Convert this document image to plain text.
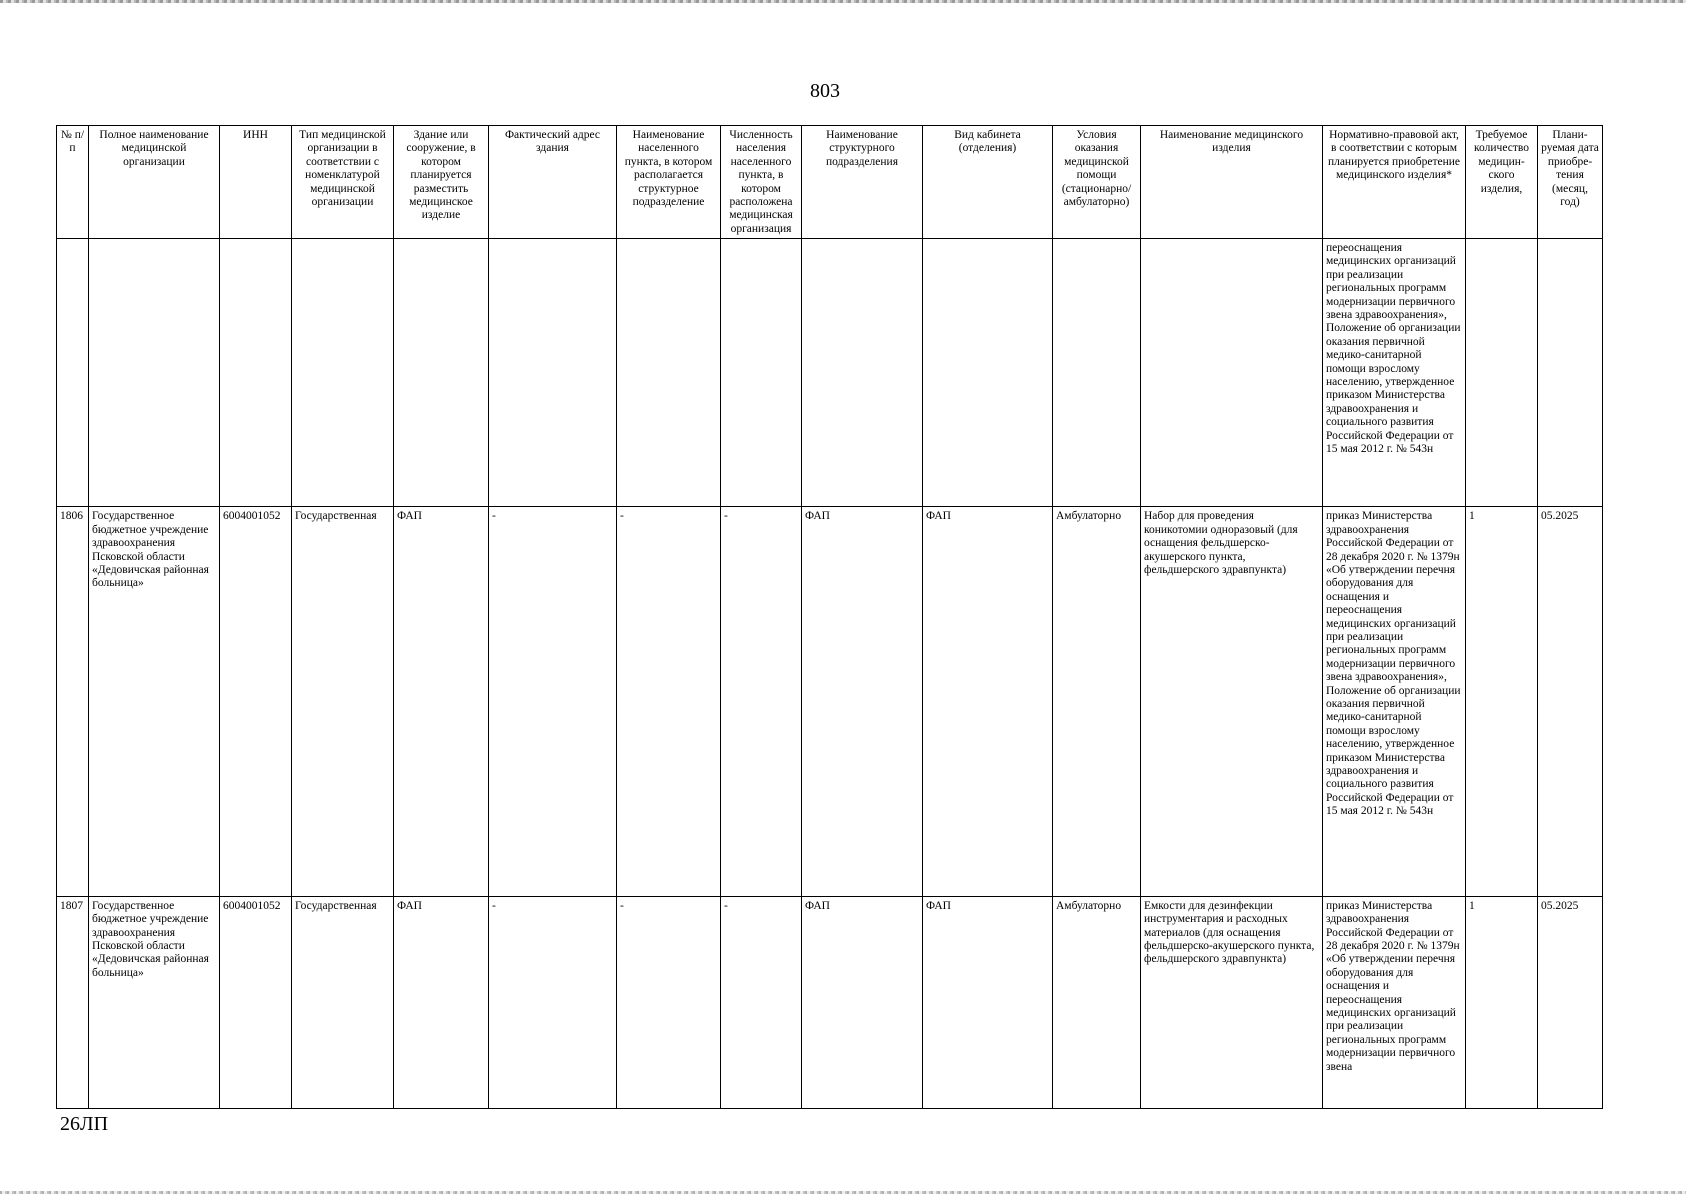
803
№ п/п	Полное наименование медицинской организации	ИНН	Тип медицинской организации в соответствии с номенклатурой медицинской организации	Здание или сооружение, в котором планируется разместить медицинское изделие	Фактический адрес здания	Наименование населенного пункта, в котором располагается структурное подразделение	Численность населения населенного пункта, в котором расположена медицинская организация	Наименование структурного подразделения	Вид кабинета (отделения)	Условия оказания медицинской помощи (стационарно/ амбулаторно)	Наименование медицинского изделия	Нормативно-правовой акт, в соответствии с которым планируется приобретение медицинского изделия*	Требуемое количество медицин-ского изделия,	Плани-руемая дата приобре-тения (месяц, год)
												переоснащения медицинских организаций при реализации региональных программ модернизации первичного звена здравоохранения», Положение об организации оказания первичной медико-санитарной помощи взрослому населению, утвержденное приказом Министерства здравоохранения и социального развития Российской Федерации от 15 мая 2012 г. № 543н		
1806	Государственное бюджетное учреждение здравоохранения Псковской области «Дедовичская районная больница»	6004001052	Государственная	ФАП	-	-	-	ФАП	ФАП	Амбулаторно	Набор для проведения коникотомии одноразовый (для оснащения фельдшерско-акушерского пункта, фельдшерского здравпункта)	приказ Министерства здравоохранения Российской Федерации от 28 декабря 2020 г. № 1379н «Об утверждении перечня оборудования для оснащения и переоснащения медицинских организаций при реализации региональных программ модернизации первичного звена здравоохранения», Положение об организации оказания первичной медико-санитарной помощи взрослому населению, утвержденное приказом Министерства здравоохранения и социального развития Российской Федерации от 15 мая 2012 г. № 543н	1	05.2025
1807	Государственное бюджетное учреждение здравоохранения Псковской области «Дедовичская районная больница»	6004001052	Государственная	ФАП	-	-	-	ФАП	ФАП	Амбулаторно	Емкости для дезинфекции инструментария и расходных материалов (для оснащения фельдшерско-акушерского пункта, фельдшерского здравпункта)	приказ Министерства здравоохранения Российской Федерации от 28 декабря 2020 г. № 1379н «Об утверждении перечня оборудования для оснащения и переоснащения медицинских организаций при реализации региональных программ модернизации первичного звена	1	05.2025
26ЛП
